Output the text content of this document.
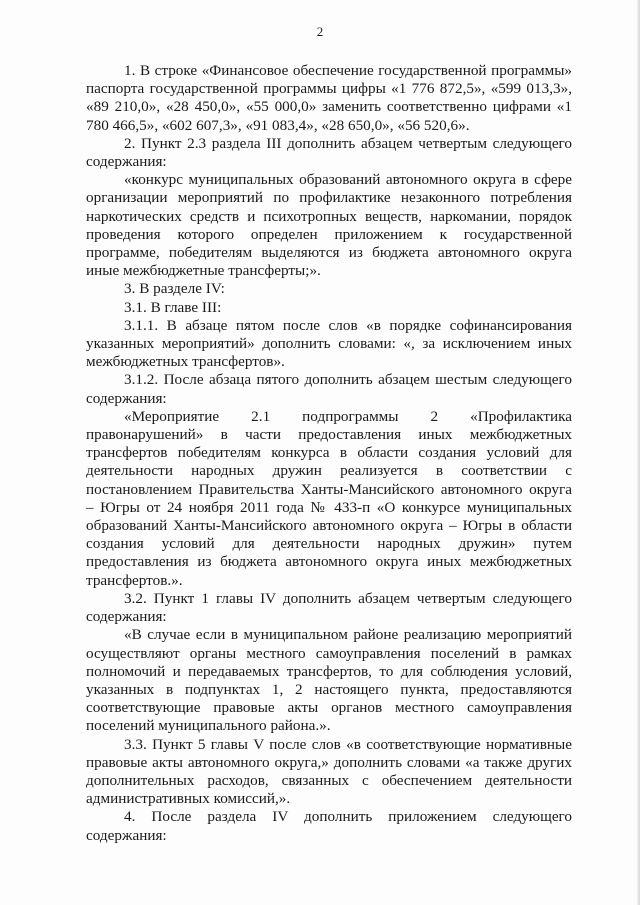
2

1. В строке «Финансовое обеспечение государственной программы» паспорта государственной программы цифры «1 776 872,5», «599 013,3», «89 210,0», «28 450,0», «55 000,0» заменить соответственно цифрами «1 780 466,5», «602 607,3», «91 083,4», «28 650,0», «56 520,6».

2. Пункт 2.3 раздела III дополнить абзацем четвертым следующего содержания:

«конкурс муниципальных образований автономного округа в сфере организации мероприятий по профилактике незаконного потребления наркотических средств и психотропных веществ, наркомании, порядок проведения которого определен приложением к государственной программе, победителям выделяются из бюджета автономного округа иные межбюджетные трансферты;».

3. В разделе IV:

3.1. В главе III:

3.1.1. В абзаце пятом после слов «в порядке софинансирования указанных мероприятий» дополнить словами: «, за исключением иных межбюджетных трансфертов».

3.1.2. После абзаца пятого дополнить абзацем шестым следующего содержания:

«Мероприятие 2.1 подпрограммы 2 «Профилактика правонарушений» в части предоставления иных межбюджетных трансфертов победителям конкурса в области создания условий для деятельности народных дружин реализуется в соответствии с постановлением Правительства Ханты-Мансийского автономного округа – Югры от 24 ноября 2011 года № 433-п «О конкурсе муниципальных образований Ханты-Мансийского автономного округа – Югры в области создания условий для деятельности народных дружин» путем предоставления из бюджета автономного округа иных межбюджетных трансфертов.».

3.2. Пункт 1 главы IV дополнить абзацем четвертым следующего содержания:

«В случае если в муниципальном районе реализацию мероприятий осуществляют органы местного самоуправления поселений в рамках полномочий и передаваемых трансфертов, то для соблюдения условий, указанных в подпунктах 1, 2 настоящего пункта, предоставляются соответствующие правовые акты органов местного самоуправления поселений муниципального района.».

3.3. Пункт 5 главы V после слов «в соответствующие нормативные правовые акты автономного округа,» дополнить словами «а также других дополнительных расходов, связанных с обеспечением деятельности административных комиссий,».

4. После раздела IV дополнить приложением следующего содержания:
